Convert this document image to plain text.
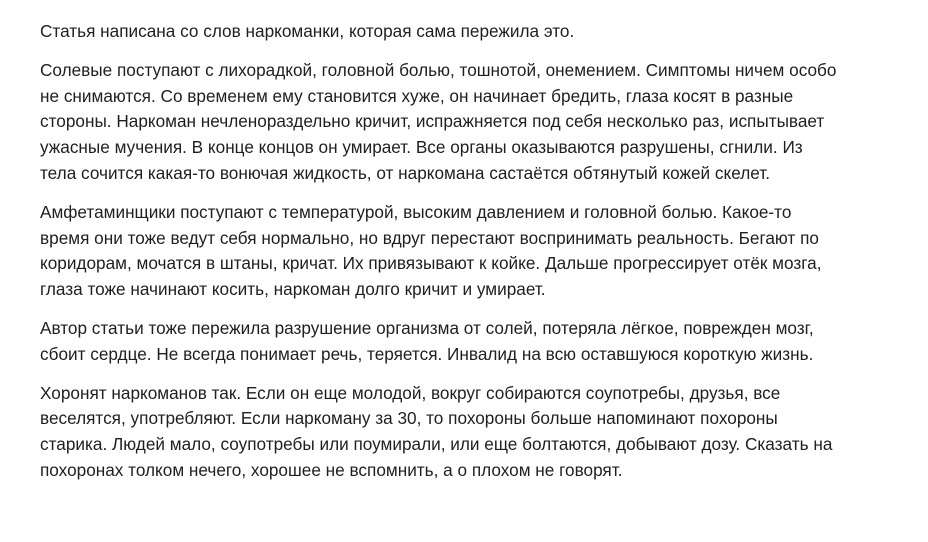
Статья написана со слов наркоманки, которая сама пережила это.

Солевые поступают с лихорадкой, головной болью, тошнотой, онемением. Симптомы ничем особо
не снимаются. Со временем ему становится хуже, он начинает бредить, глаза косят в разные
стороны. Наркоман нечленораздельно кричит, испражняется под себя несколько раз, испытывает
ужасные мучения. В конце концов он умирает. Все органы оказываются разрушены, сгнили. Из
тела сочится какая-то вонючая жидкость, от наркомана састаётся обтянутый кожей скелет.

Амфетаминщики поступают с температурой, высоким давлением и головной болью. Какое-то
время они тоже ведут себя нормально, но вдруг перестают воспринимать реальность. Бегают по
коридорам, мочатся в штаны, кричат. Их привязывают к койке. Дальше прогрессирует отёк мозга,
глаза тоже начинают косить, наркоман долго кричит и умирает.

Автор статьи тоже пережила разрушение организма от солей, потеряла лёгкое, поврежден мозг,
сбоит сердце. Не всегда понимает речь, теряется. Инвалид на всю оставшуюся короткую жизнь.

Хоронят наркоманов так. Если он еще молодой, вокруг собираются соупотребы, друзья, все
веселятся, употребляют. Если наркоману за 30, то похороны больше напоминают похороны
старика. Людей мало, соупотребы или поумирали, или еще болтаются, добывают дозу. Сказать на
похоронах толком нечего, хорошее не вспомнить, а о плохом не говорят.
